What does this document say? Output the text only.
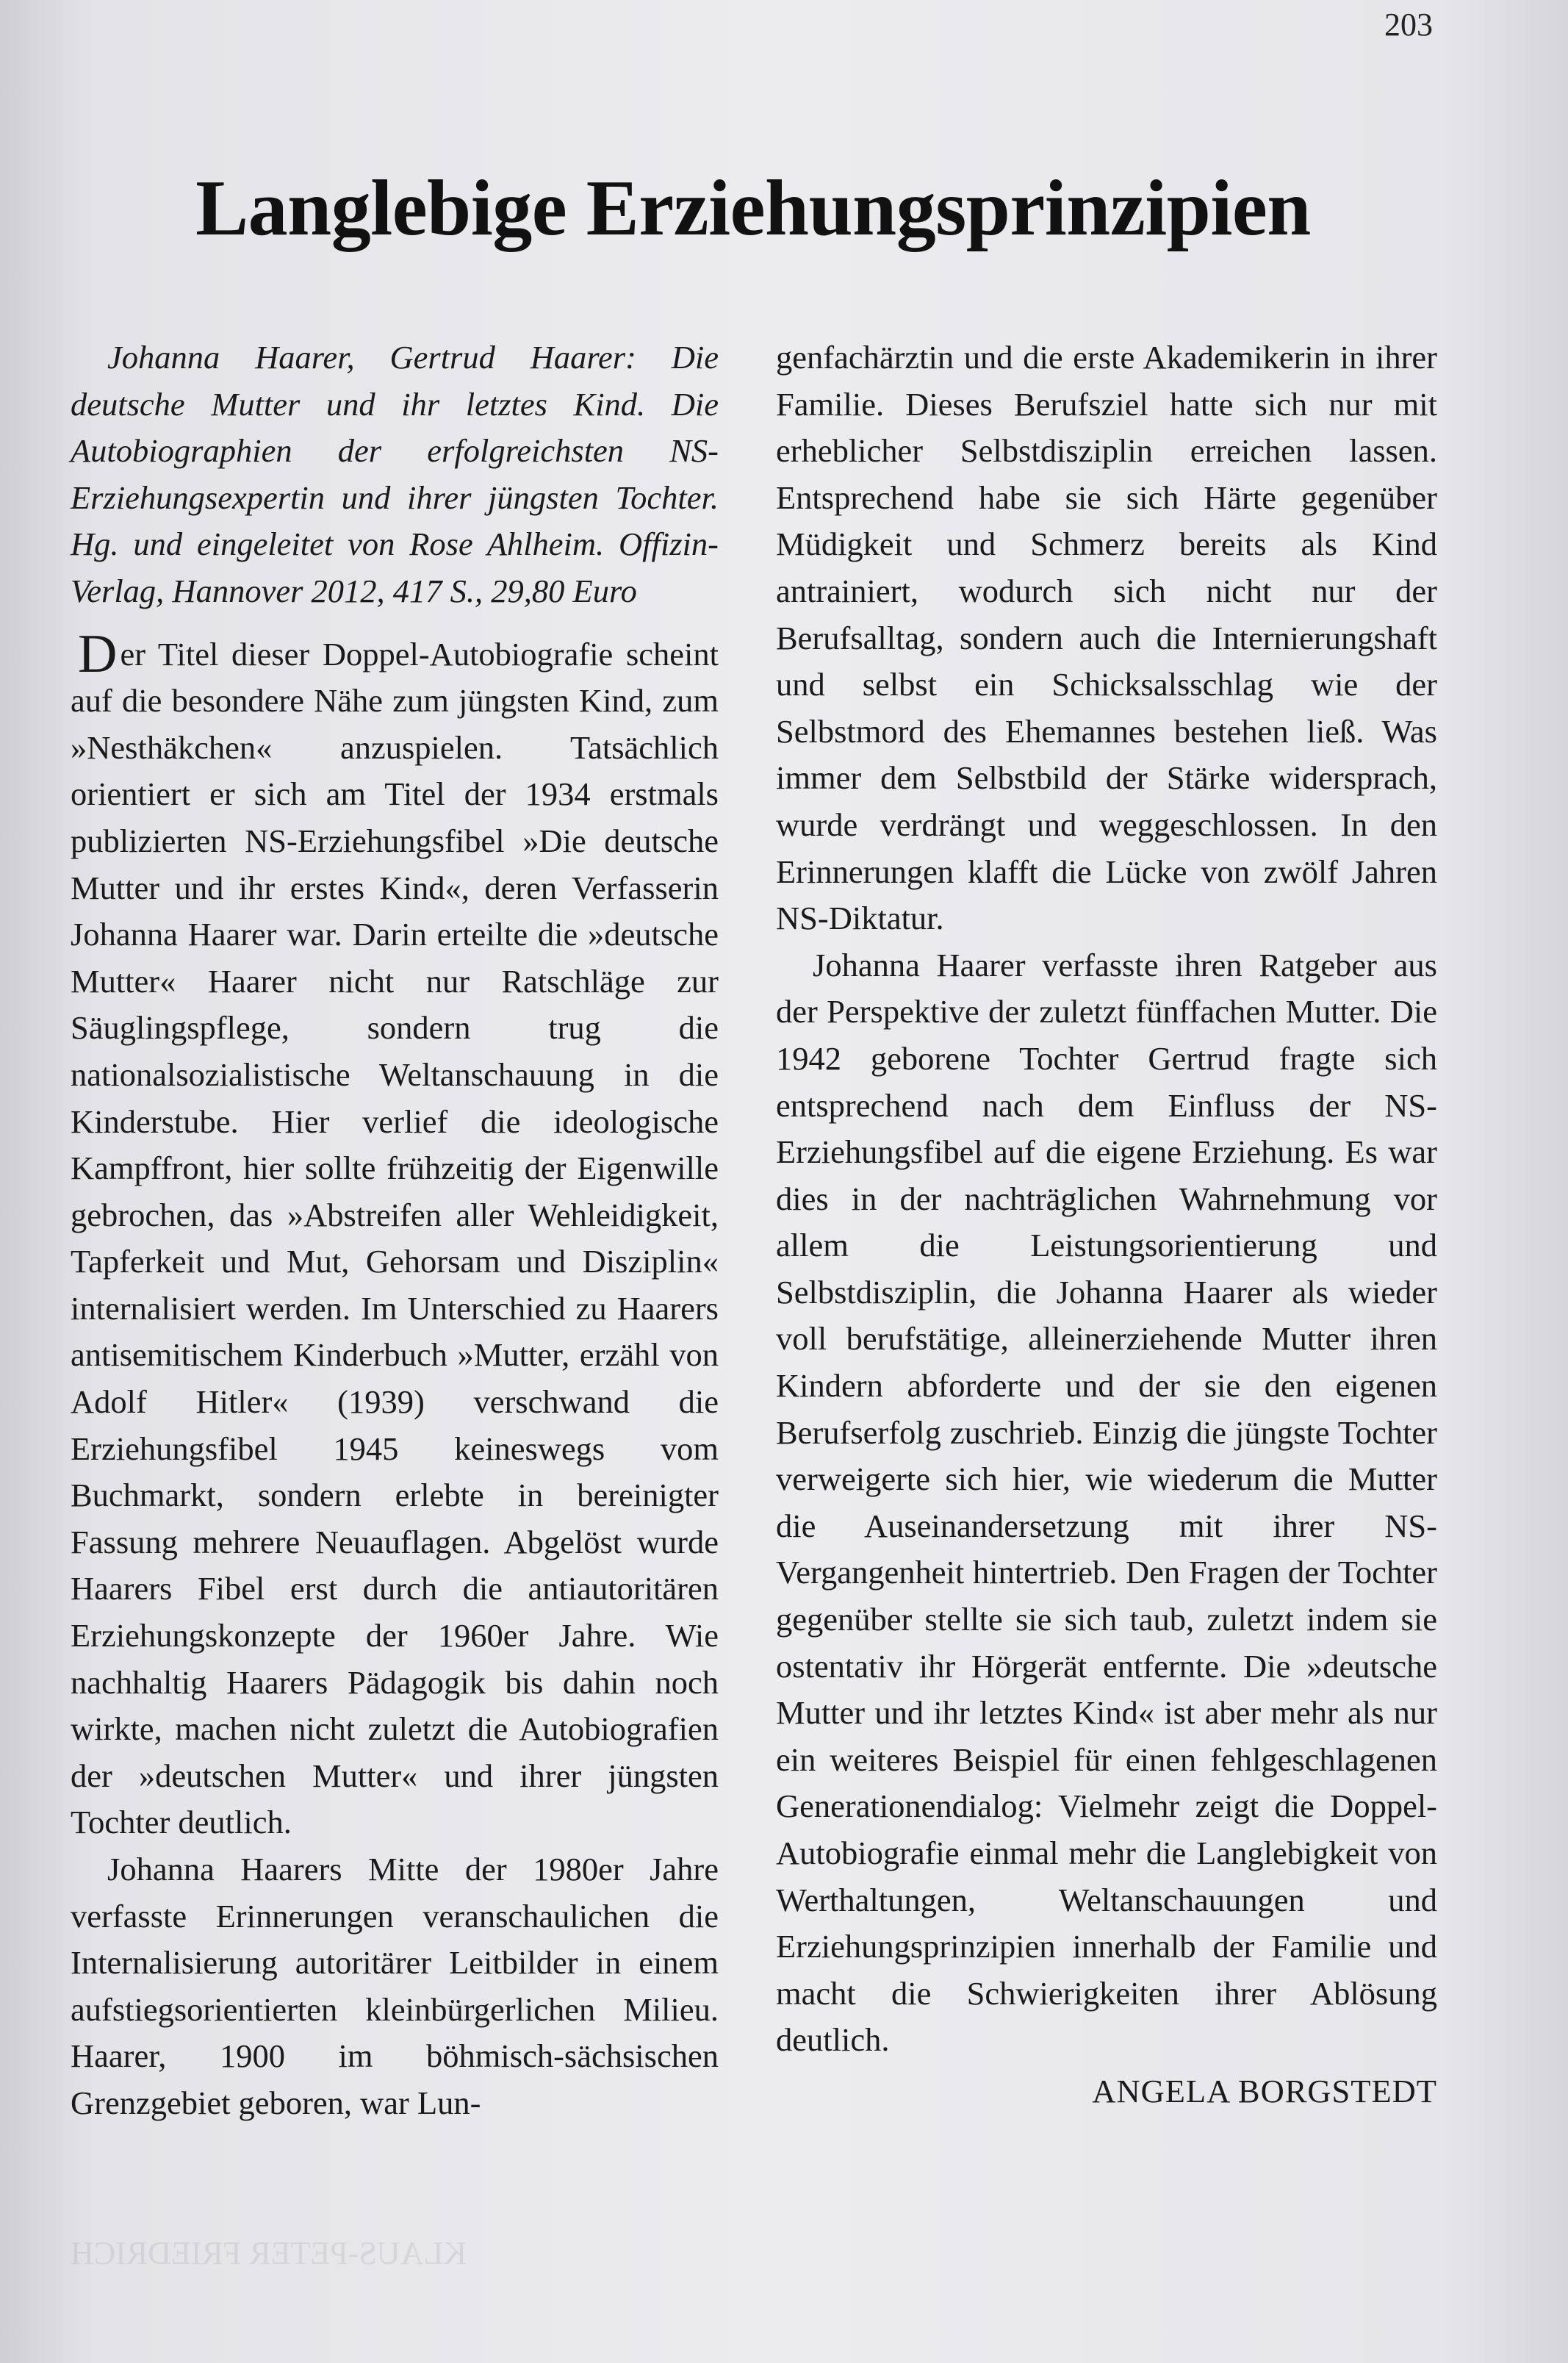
KLAUS-PETER FRIEDRICH
203
Langlebige Erziehungsprinzipien

Johanna Haarer, Gertrud Haarer: Die deutsche Mutter und ihr letztes Kind. Die Autobiographien der erfolgreichsten NS-Erziehungsexpertin und ihrer jüngsten Tochter. Hg. und eingeleitet von Rose Ahlheim. Offizin-Verlag, Hannover 2012, 417 S., 29,80 Euro

Der Titel dieser Doppel-Autobiografie scheint auf die besondere Nähe zum jüngsten Kind, zum »Nesthäkchen« anzuspielen. Tatsächlich orientiert er sich am Titel der 1934 erstmals publizierten NS-Erziehungsfibel »Die deutsche Mutter und ihr erstes Kind«, deren Verfasserin Johanna Haarer war. Darin erteilte die »deutsche Mutter« Haarer nicht nur Ratschläge zur Säuglingspflege, sondern trug die nationalsozialistische Weltanschauung in die Kinderstube. Hier verlief die ideologische Kampffront, hier sollte frühzeitig der Eigenwille gebrochen, das »Abstreifen aller Wehleidigkeit, Tapferkeit und Mut, Gehorsam und Disziplin« internalisiert werden. Im Unterschied zu Haarers antisemitischem Kinderbuch »Mutter, erzähl von Adolf Hitler« (1939) verschwand die Erziehungsfibel 1945 keineswegs vom Buchmarkt, sondern erlebte in bereinigter Fassung mehrere Neuauflagen. Abgelöst wurde Haarers Fibel erst durch die antiautoritären Erziehungskonzepte der 1960er Jahre. Wie nachhaltig Haarers Pädagogik bis dahin noch wirkte, machen nicht zuletzt die Autobiografien der »deutschen Mutter« und ihrer jüngsten Tochter deutlich.

Johanna Haarers Mitte der 1980er Jahre verfasste Erinnerungen veranschaulichen die Internalisierung autoritärer Leitbilder in einem aufstiegsorientierten kleinbürgerlichen Milieu. Haarer, 1900 im böhmisch-sächsischen Grenzgebiet geboren, war Lun-

genfachärztin und die erste Akademikerin in ihrer Familie. Dieses Berufsziel hatte sich nur mit erheblicher Selbstdisziplin erreichen lassen. Entsprechend habe sie sich Härte gegenüber Müdigkeit und Schmerz bereits als Kind antrainiert, wodurch sich nicht nur der Berufsalltag, sondern auch die Internierungshaft und selbst ein Schicksalsschlag wie der Selbstmord des Ehemannes bestehen ließ. Was immer dem Selbstbild der Stärke widersprach, wurde verdrängt und weggeschlossen. In den Erinnerungen klafft die Lücke von zwölf Jahren NS-Diktatur.

Johanna Haarer verfasste ihren Ratgeber aus der Perspektive der zuletzt fünffachen Mutter. Die 1942 geborene Tochter Gertrud fragte sich entsprechend nach dem Einfluss der NS-Erziehungsfibel auf die eigene Erziehung. Es war dies in der nachträglichen Wahrnehmung vor allem die Leistungsorientierung und Selbstdisziplin, die Johanna Haarer als wieder voll berufstätige, alleinerziehende Mutter ihren Kindern abforderte und der sie den eigenen Berufserfolg zuschrieb. Einzig die jüngste Tochter verweigerte sich hier, wie wiederum die Mutter die Auseinandersetzung mit ihrer NS-Vergangenheit hintertrieb. Den Fragen der Tochter gegenüber stellte sie sich taub, zuletzt indem sie ostentativ ihr Hörgerät entfernte. Die »deutsche Mutter und ihr letztes Kind« ist aber mehr als nur ein weiteres Beispiel für einen fehlgeschlagenen Generationendialog: Vielmehr zeigt die Doppel-Autobiografie einmal mehr die Langlebigkeit von Werthaltungen, Weltanschauungen und Erziehungsprinzipien innerhalb der Familie und macht die Schwierigkeiten ihrer Ablösung deutlich.

ANGELA BORGSTEDT
